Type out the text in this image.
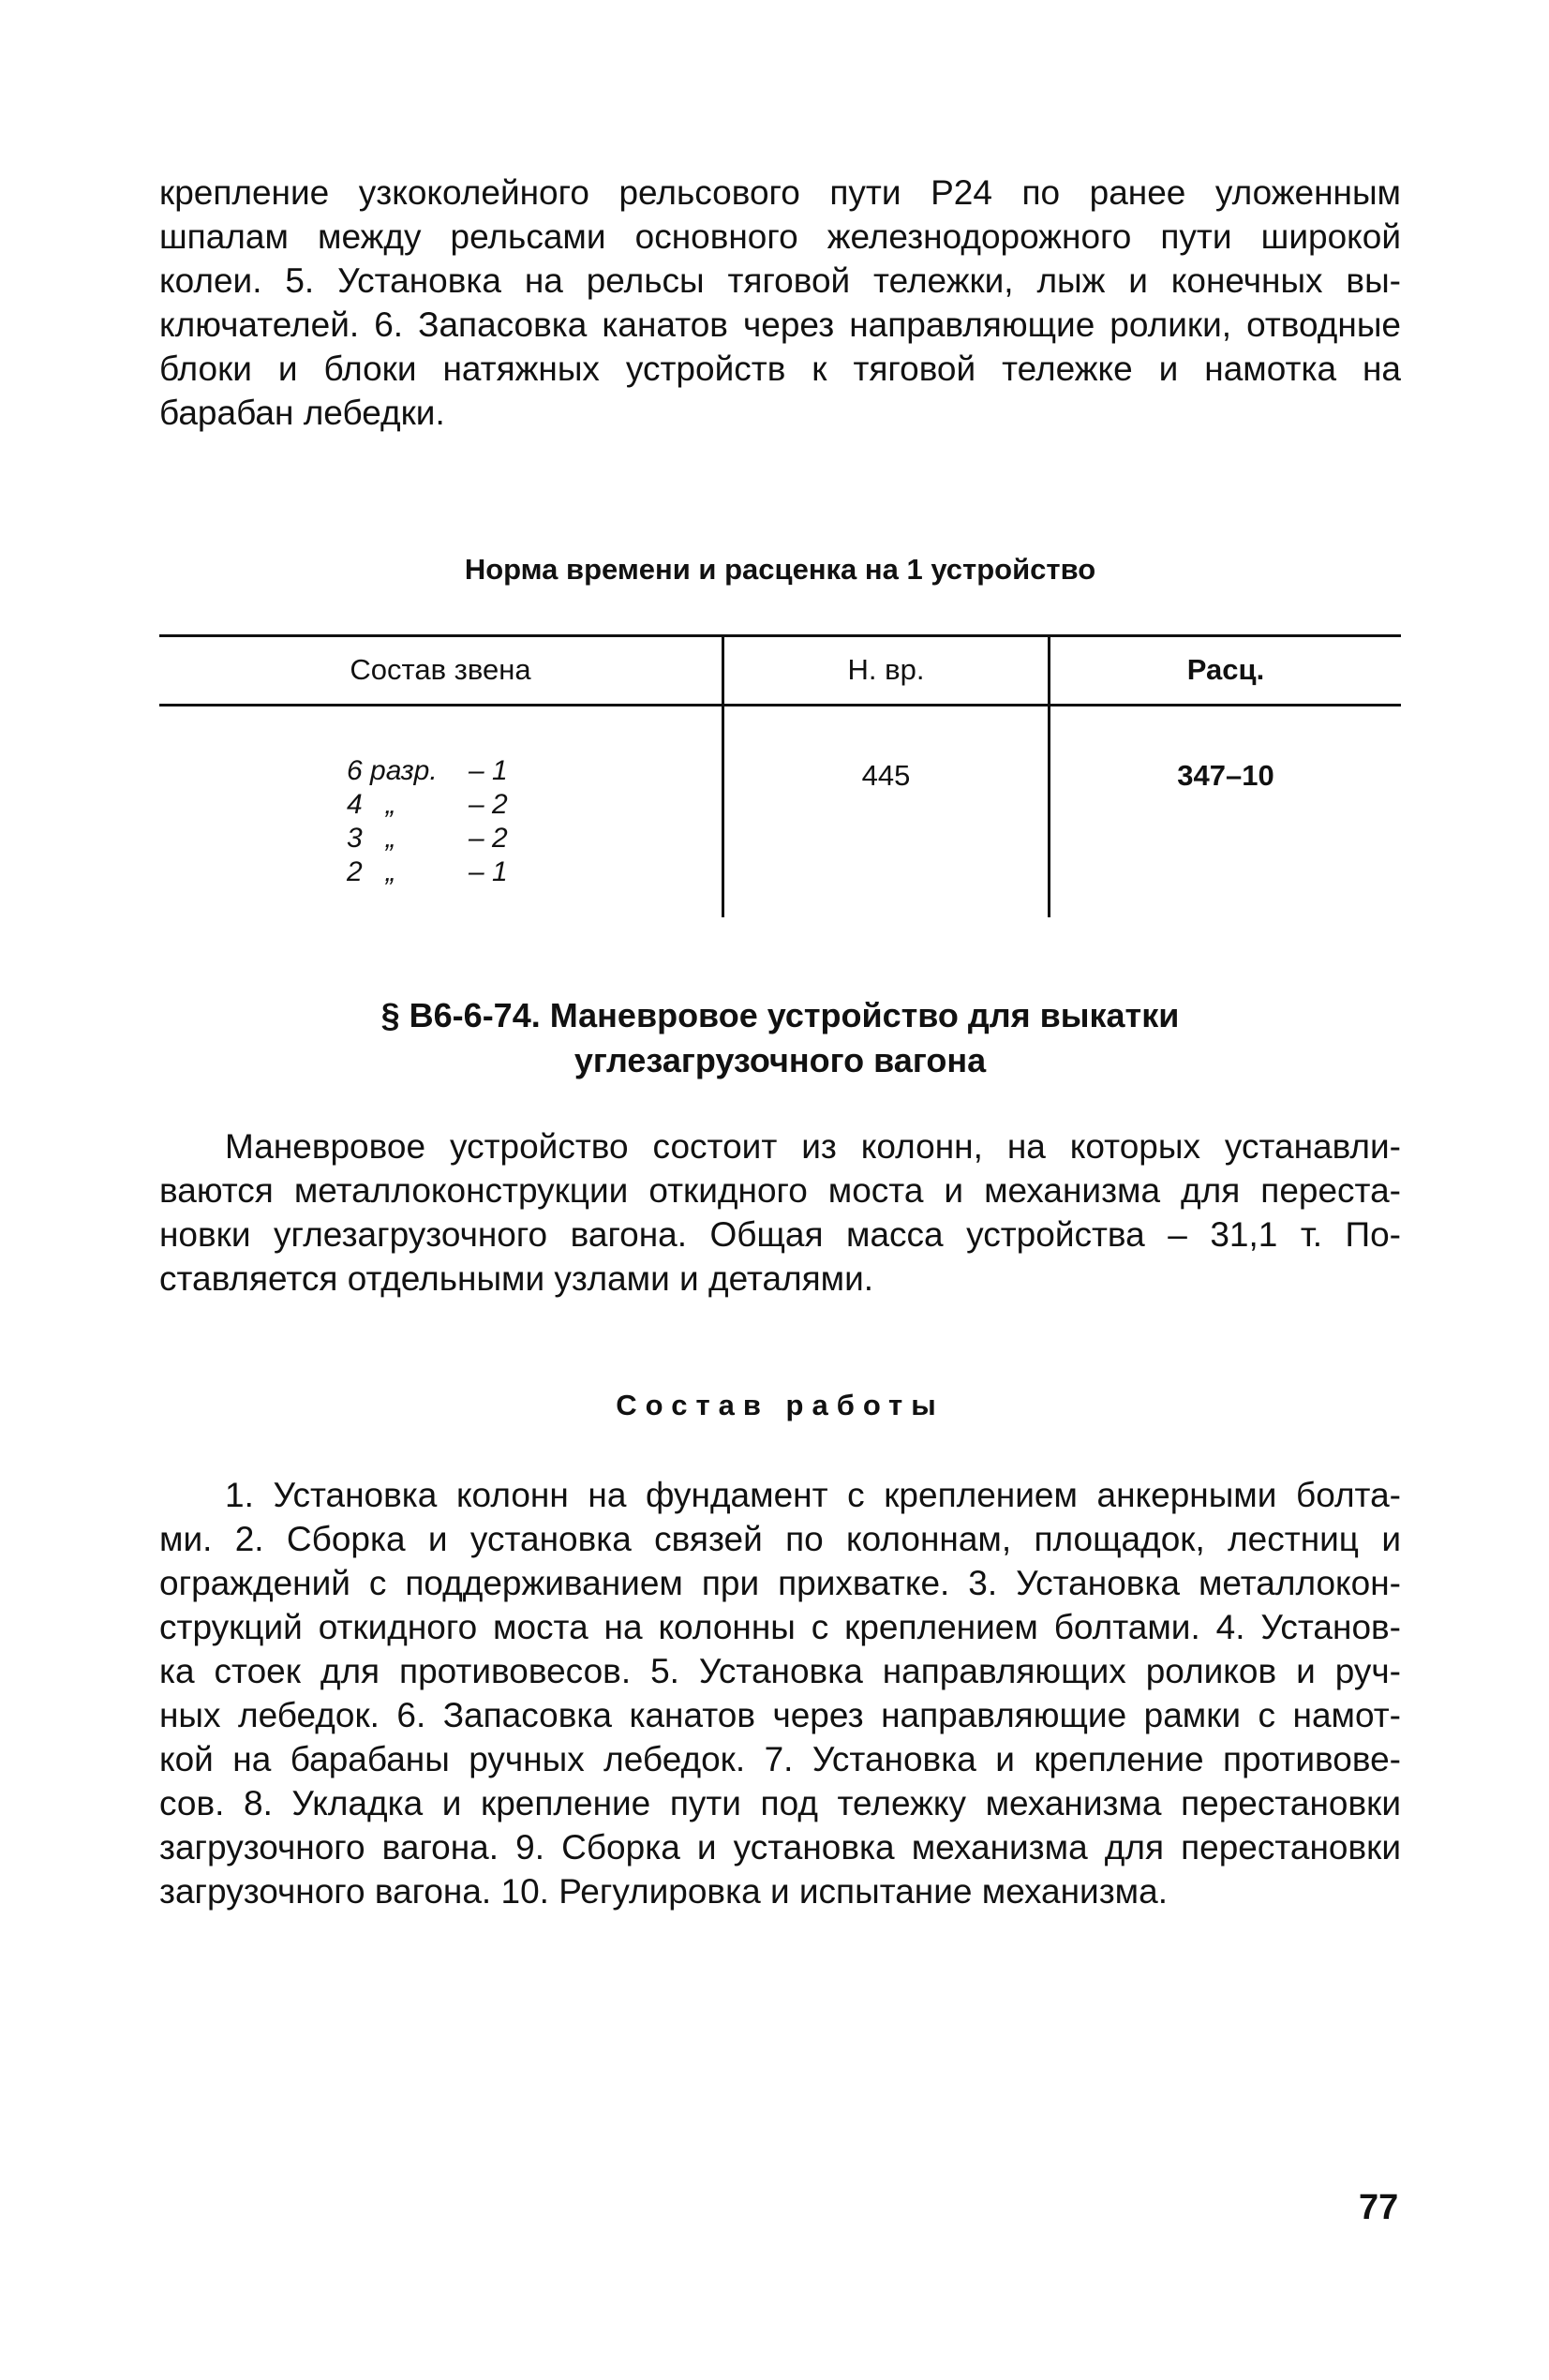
крепление узкоколейного рельсового пути Р24 по ранее уложенным
шпалам между рельсами основного железнодорожного пути широкой
колеи. 5. Установка на рельсы тяговой тележки, лыж и конечных вы-
ключателей. 6. Запасовка канатов через направляющие ролики, отводные
блоки и блоки натяжных устройств к тяговой тележке и намотка на
барабан лебедки.

Норма времени и расценка на 1 устройство

Состав звена	Н. вр.	Расц.

6 разр.	– 1
4   „	– 2
3   „	– 2
2   „	– 1

445	347–10

§ В6-6-74. Маневровое устройство для выкатки
углезагрузочного вагона
Маневровое устройство состоит из колонн, на которых устанавли-
ваются металлоконструкции откидного моста и механизма для переста-
новки углезагрузочного вагона. Общая масса устройства – 31,1 т. По-
ставляется отдельными узлами и деталями.

Состав работы

1. Установка колонн на фундамент с креплением анкерными болта-
ми. 2. Сборка и установка связей по колоннам, площадок, лестниц и
ограждений с поддерживанием при прихватке. 3. Установка металлокон-
струкций откидного моста на колонны с креплением болтами. 4. Установ-
ка стоек для противовесов. 5. Установка направляющих роликов и руч-
ных лебедок. 6. Запасовка канатов через направляющие рамки с намот-
кой на барабаны ручных лебедок. 7. Установка и крепление противове-
сов. 8. Укладка и крепление пути под тележку механизма перестановки
загрузочного вагона. 9. Сборка и установка механизма для перестановки
загрузочного вагона. 10. Регулировка и испытание механизма.

77
